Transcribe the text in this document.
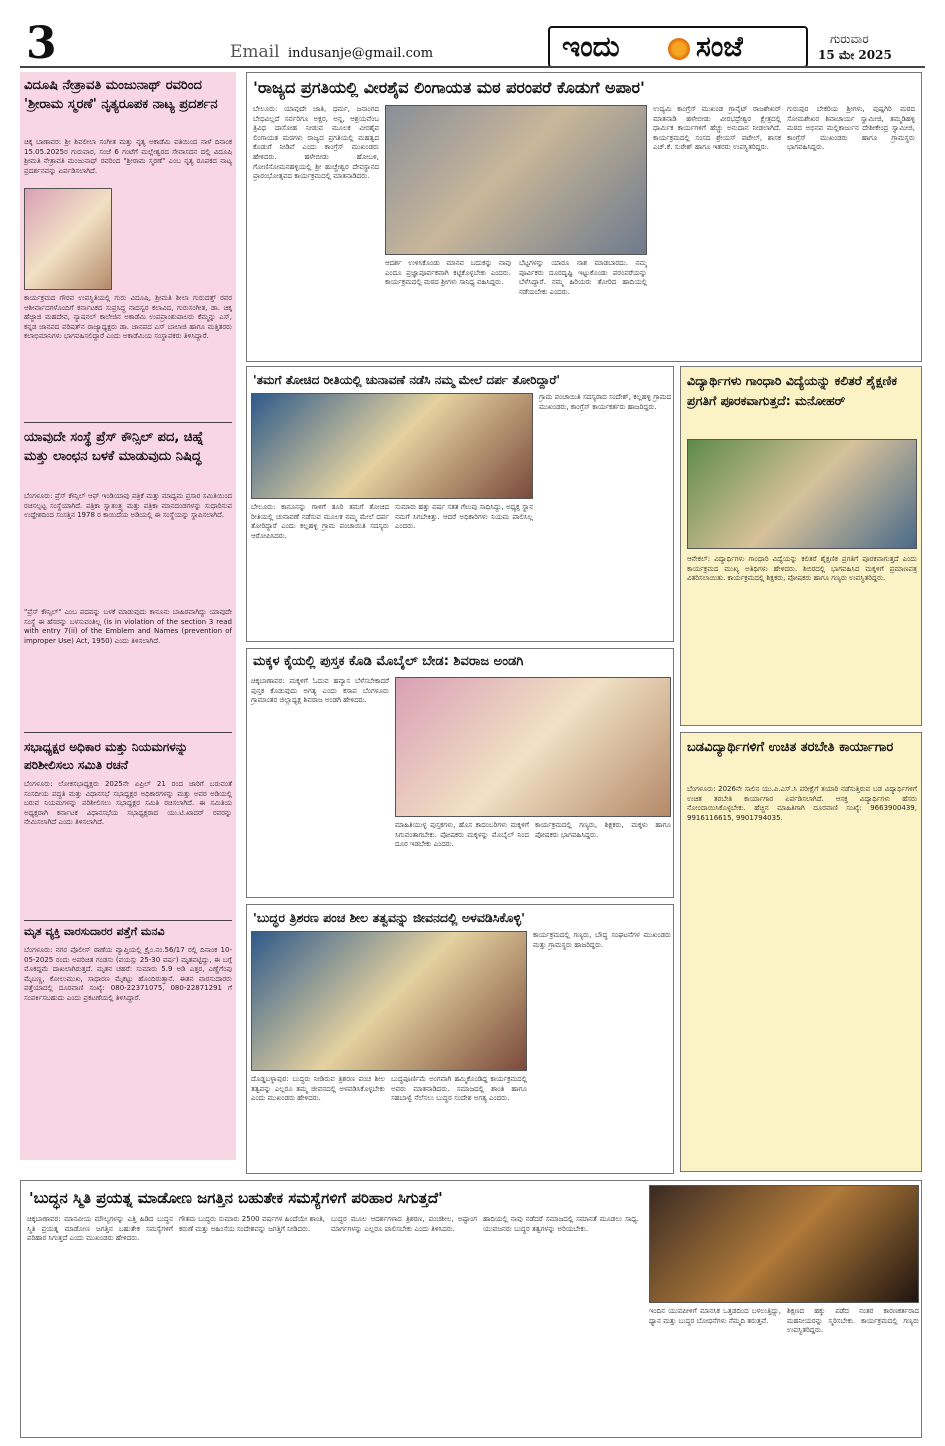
3	Email indusanje@gmail.com	ಇಂದು	ಸಂಜೆ	ಗುರುವಾರ
15 ಮೇ 2025
ವಿದೂಷಿ ನೇತ್ರಾವತಿ ಮಂಜುನಾಥ್ ರವರಿಂದ 'ಶ್ರೀರಾಮ ಸ್ಮರಣೆ' ನೃತ್ಯರೂಪಕ ನಾಟ್ಯ ಪ್ರದರ್ಶನ
ಚಿಕ್ಕ ಬಾಣಾವರ: ಶ್ರೀ ಶಿವಲೀಲಾ ಸಂಗೀತ ಮತ್ತು ನೃತ್ಯ ಅಕಾಡೆಮಿ ವತಿಯಿಂದ ನಾಳೆ ದಿನಾಂಕ 15.05.2025ರ ಗುರುವಾರ, ಸಂಜೆ 6 ಗಂಟೆಗೆ ಮಲ್ಲೇಶ್ವರದ ಸೇವಾಸದನ ದಲ್ಲಿ ವಿದೂಷಿ ಶ್ರೀಮತಿ ನೇತ್ರಾವತಿ ಮಂಜುನಾಥ್ ರವರಿಂದ "ಶ್ರೀರಾಮ ಸ್ಮರಣೆ" ಎಂಬ ನೃತ್ಯ ರೂಪಕದ ನಾಟ್ಯ ಪ್ರದರ್ಶನವನ್ನು ಏರ್ಪಡಿಸಲಾಗಿದೆ.
ಕಾರ್ಯಕ್ರಮದ ಗೌರವ ಉಪಸ್ಥಿತಿಯಲ್ಲಿ ಗುರು ವಿದೂಷಿ, ಶ್ರೀಮತಿ ಶೀಲಾ ಗುರುದತ್ತ್ ರವರ ಆಶೀರ್ವಾದಗಳೊಂದಿಗೆ ಕರ್ನಾಟಕದ ಸುಪ್ರಸಿದ್ಧ ನಾದಸ್ವರ ಕಲಾವಿದ, ಗುರುಸಂಗೀತ, ಡಾ. ಚಿಕ್ಕ ಹೆಜ್ಜಾಜಿ ಮಹದೇವ, ನ್ಯಾಷನಲ್ ಕಾಲೇಜಿನ ಅಕಾಡೆಮಿ ಉಪಪ್ರಾಂಶುಪಾಲರು ಕೆಮ್ಮನ್ನು ಎಸ್, ಕನ್ನಡ ಜಾನಪದ ಪರಿಷತ್‌ನ ರಾಜ್ಯಾಧ್ಯಕ್ಷರು ಡಾ. ಜಾನಪದ ಎಸ್ ಬಾಲಾಜಿ ಹಾಗೂ ಮತ್ತಿತರರು ಕಲಾಭಿಮಾನಿಗಳು ಭಾಗವಹಿಸಲಿದ್ದಾರೆ ಎಂದು ಅಕಾಡೆಮಿಯ ಸಂಸ್ಥಾಪಕರು ತಿಳಿಸಿದ್ದಾರೆ.
ಯಾವುದೇ ಸಂಸ್ಥೆ ಪ್ರೆಸ್ ಕೌನ್ಸಿಲ್ ಪದ, ಚಿಹ್ನೆ ಮತ್ತು ಲಾಂಛನ ಬಳಕೆ ಮಾಡುವುದು ನಿಷಿದ್ಧ
ಬೆಂಗಳೂರು: ಪ್ರೆಸ್ ಕೌನ್ಸಿಲ್ ಆಫ್ ಇಂಡಿಯಾವು ಪತ್ರಿಕೆ ಮತ್ತು ಮಾಧ್ಯಮ ಪ್ರಸಾರ ಸಮಿತಿಯಿಂದ ರಚಿಸಲ್ಪಟ್ಟ ಸಂಸ್ಥೆಯಾಗಿದೆ. ಪತ್ರಿಕಾ ಸ್ವಾತಂತ್ರ್ಯ ಮತ್ತು ಪತ್ರಿಕಾ ಮಾನದಂಡಗಳನ್ನು ಸುಧಾರಿಸುವ ಉದ್ದೇಶದಿಂದ ಸಂಸತ್ತಿನ 1978 ರ ಕಾಯಿದೆಯ ಅಡಿಯಲ್ಲಿ ಈ ಸಂಸ್ಥೆಯನ್ನು ಸ್ಥಾಪಿಸಲಾಗಿದೆ.
"ಪ್ರೆಸ್ ಕೌನ್ಸಿಲ್" ಎಂಬ ಪದವನ್ನು ಬಳಕೆ ಮಾಡುವುದು ಕಾನೂನು ಬಾಹಿರವಾಗಿದ್ದು ಯಾವುದೇ ಸಂಸ್ಥೆ ಈ ಹೆಸರನ್ನು ಬಳಸುವಂತಿಲ್ಲ (is in violation of the section 3 read with entry 7(ii) of the Emblem and Names (prevention of improper Use) Act, 1950) ಎಂದು ತಿಳಿಸಲಾಗಿದೆ.
ಸಭಾಧ್ಯಕ್ಷರ ಅಧಿಕಾರ ಮತ್ತು ನಿಯಮಗಳನ್ನು ಪರಿಶೀಲಿಸಲು ಸಮಿತಿ ರಚನೆ
ಬೆಂಗಳೂರು: ಲೋಕಸಭಾಧ್ಯಕ್ಷರು 2025ನೇ ಏಪ್ರಿಲ್ 21 ರಂದ ಜಾರಿಗೆ ಬರುವಂತೆ ಸಂಸದೀಯ ಪದ್ಧತಿ ಮತ್ತು ವಿಧಾನಸಭೆ ಸಭಾಧ್ಯಕ್ಷರ ಅಧಿಕಾರಗಳನ್ನು ಮತ್ತು ಅವರ ಅಡಿಯಲ್ಲಿ ಬರುವ ನಿಯಮಗಳನ್ನು ಪರಿಶೀಲಿಸಲು ಸಭಾಧ್ಯಕ್ಷರ ಸಮಿತಿ ರಚಿಸಲಾಗಿದೆ. ಈ ಸಮಿತಿಯ ಅಧ್ಯಕ್ಷರಾಗಿ ಕರ್ನಾಟಕ ವಿಧಾನಸಭೆಯ ಸಭಾಧ್ಯಕ್ಷರಾದ ಯು.ಟಿ.ಖಾದರ್ ರವರನ್ನು ನೇಮಿಸಲಾಗಿದೆ ಎಂದು ತಿಳಿಸಲಾಗಿದೆ.
ಮೃತ ವ್ಯಕ್ತಿ ವಾರಸುದಾರರ ಪತ್ತೆಗೆ ಮನವಿ
ಬೆಂಗಳೂರು: ನಗರ ಪೊಲೀಸ್ ಠಾಣೆಯ ವ್ಯಾಪ್ತಿಯಲ್ಲಿ ಕ್ರೈಂ.ನಂ.56/17 ರಲ್ಲಿ ದಿನಾಂಕ 10-05-2025 ರಂದು ಅಪರಿಚಿತ ಗಂಡಸು (ವಯಸ್ಸು 25-30 ವರ್ಷ) ಮೃತಪಟ್ಟಿದ್ದು, ಈ ಬಗ್ಗೆ ಮೊಕದ್ದಮೆ ದಾಖಲಾಗಿರುತ್ತದೆ. ಮೃತನ ಚಹರೆ: ಸುಮಾರು 5.9 ಅಡಿ ಎತ್ತರ, ಎಣ್ಣೆಗೆಂಪು ಮೈಬಣ್ಣ, ಕೋಲುಮುಖ, ಸಾಧಾರಣ ಮೈಕಟ್ಟು ಹೊಂದಿರುತ್ತಾನೆ. ಈತನ ವಾರಸುದಾರರು ಪತ್ತೆಯಾದಲ್ಲಿ ದೂರವಾಣಿ ಸಂಖ್ಯೆ: 080-22371075, 080-22871291 ಗೆ ಸಂಪರ್ಕಿಸಬಹುದು ಎಂದು ಪ್ರಕಟಣೆಯಲ್ಲಿ ತಿಳಿಸಿದ್ದಾರೆ.
'ರಾಜ್ಯದ ಪ್ರಗತಿಯಲ್ಲಿ ವೀರಶೈವ ಲಿಂಗಾಯತ ಮಠ ಪರಂಪರೆ ಕೊಡುಗೆ ಅಪಾರ'
ಬೇಲೂರು: ಯಾವುದೇ ಜಾತಿ, ಧರ್ಮ, ಜನಾಂಗದ ಬೇಧವಿಲ್ಲದೆ ಸರ್ವರಿಗೂ ಅಕ್ಷರ, ಅನ್ನ, ಆಶ್ರಯವೆಂಬ ತ್ರಿವಿಧ ದಾಸೋಹ ನೀಡುವ ಮೂಲಕ ವೀರಶೈವ ಲಿಂಗಾಯತ ಮಠಗಳು ರಾಜ್ಯದ ಪ್ರಗತಿಯಲ್ಲಿ ಮಹತ್ವದ ಕೊಡುಗೆ ನೀಡಿವೆ ಎಂದು ಕಾಂಗ್ರೆಸ್ ಮುಖಂಡರು ಹೇಳಿದರು. ಹಳೇಬೀಡು ಹೋಬಳಿ, ಗೋಣಿಸೋಮನಹಳ್ಳಿಯಲ್ಲಿ ಶ್ರೀ ಹುಚ್ಚೇಶ್ವರ ದೇವಸ್ಥಾನದ ಪ್ರಾರಂಭೋತ್ಸವದ ಕಾರ್ಯಕ್ರಮದಲ್ಲಿ ಮಾತನಾಡಿದರು.
ಆದರ್ಶ ಉಳಿಸಿಕೊಂಡು ಮಾನವ ಬದುಕನ್ನು ನಾವು ಎಂದೂ ಪ್ರಜ್ಞಾಪೂರ್ವಕವಾಗಿ ಕಟ್ಟಿಕೊಳ್ಳಬೇಕು ಎಂದರು. ಕಾರ್ಯಕ್ರಮದಲ್ಲಿ ಮಠದ ಶ್ರೀಗಳು ಸಾನಿಧ್ಯ ವಹಿಸಿದ್ದರು.
ಬೆಟ್ಟಗಳನ್ನು ಯಾರೂ ನಾಶ ಮಾಡಬಾರದು. ನಮ್ಮ ಪೂರ್ವಿಕರು ದೂರದೃಷ್ಟಿ ಇಟ್ಟುಕೊಂಡು ಪರಂಪರೆಯನ್ನು ಬೆಳೆಸಿದ್ದಾರೆ. ನಮ್ಮ ಹಿರಿಯರು ತೋರಿದ ಹಾದಿಯಲ್ಲಿ ನಡೆಯಬೇಕು ಎಂದರು.
ಉದ್ಯಮಿ ಕಾಂಗ್ರೆಸ್ ಮುಖಂಡ ಗ್ರಾನೈಟ್ ರಾಜಶೇಖರ್ ಮಾತನಾಡಿ ಹಳೇಬೀಡು ವೀರಭದ್ರೇಶ್ವರ ಕ್ಷೇತ್ರದಲ್ಲಿ ಧಾರ್ಮಿಕ ಕಾರ್ಯಗಳಿಗೆ ಹೆಚ್ಚು ಅನುದಾನ ನೀಡಲಾಗಿದೆ. ಕಾರ್ಯಕ್ರಮದಲ್ಲಿ ಸಂಸದ ಶ್ರೇಯಸ್ ಪಟೇಲ್, ಶಾಸಕ ಎಚ್.ಕೆ. ಸುರೇಶ್ ಹಾಗೂ ಇತರರು ಉಪಸ್ಥಿತರಿದ್ದರು.
ಗುರುಪುರ ಬೇಕರಿಯ ಶ್ರೀಗಳು, ಪುಷ್ಪಗಿರಿ ಮಠದ ಸೋಮಶೇಖರ ಶಿವಾಚಾರ್ಯ ಸ್ವಾಮೀಜಿ, ತಮ್ಮಡಿಹಳ್ಳಿ ಮಠದ ಅಭಿನವ ಮಲ್ಲಿಕಾರ್ಜುನ ದೇಶೀಕೇಂದ್ರ ಸ್ವಾಮೀಜಿ, ಕಾಂಗ್ರೆಸ್ ಮುಖಂಡರು ಹಾಗೂ ಗ್ರಾಮಸ್ಥರು ಭಾಗವಹಿಸಿದ್ದರು.
'ತಮಗೆ ತೋಚಿದ ರೀತಿಯಲ್ಲಿ ಚುನಾವಣೆ ನಡೆಸಿ ನಮ್ಮ ಮೇಲೆ ದರ್ಪ ತೋರಿದ್ದಾರೆ'
ಬೇಲೂರು: ಕಾನೂನನ್ನು ಗಾಳಿಗೆ ತೂರಿ ತಮಗೆ ತೋಚಿದ ರೀತಿಯಲ್ಲಿ ಚುನಾವಣೆ ನಡೆಸುವ ಮೂಲಕ ನಮ್ಮ ಮೇಲೆ ದರ್ಪ ತೋರಿದ್ದಾರೆ ಎಂದು ಕಲ್ಲಹಳ್ಳಿ ಗ್ರಾಮ ಪಂಚಾಯಿತಿ ಸದಸ್ಯರು ಆರೋಪಿಸಿದರು.
ಸುಮಾರು ಹತ್ತು ವರ್ಷ ಸತತ ಗೆಲುವು ಸಾಧಿಸಿದ್ದು, ಅಧ್ಯಕ್ಷ ಸ್ಥಾನ ನಮಗೆ ಸಿಗಬೇಕಿತ್ತು. ಆದರೆ ಅಧಿಕಾರಿಗಳು ನಿಯಮ ಪಾಲಿಸಿಲ್ಲ ಎಂದರು.
ಗ್ರಾಮ ಪಂಚಾಯಿತಿ ಸದಸ್ಯರಾದ ಸಂದೇಶ್, ಕಲ್ಲಹಳ್ಳಿ ಗ್ರಾಮದ ಮುಖಂಡರು, ಕಾಂಗ್ರೆಸ್ ಕಾರ್ಯಕರ್ತರು ಹಾಜರಿದ್ದರು.
ವಿದ್ಯಾರ್ಥಿಗಳು ಗಾಂಧಾರಿ ವಿದ್ಯೆಯನ್ನು ಕಲಿತರೆ ಶೈಕ್ಷಣಿಕ ಪ್ರಗತಿಗೆ ಪೂರಕವಾಗುತ್ತದೆ: ಮನೋಹರ್
ಆನೇಕಲ್: ವಿದ್ಯಾರ್ಥಿಗಳು ಗಾಂಧಾರಿ ವಿದ್ಯೆಯನ್ನು ಕಲಿತರೆ ಶೈಕ್ಷಣಿಕ ಪ್ರಗತಿಗೆ ಪೂರಕವಾಗುತ್ತದೆ ಎಂದು ಕಾರ್ಯಕ್ರಮದ ಮುಖ್ಯ ಅತಿಥಿಗಳು ಹೇಳಿದರು. ಶಿಬಿರದಲ್ಲಿ ಭಾಗವಹಿಸಿದ ಮಕ್ಕಳಿಗೆ ಪ್ರಮಾಣಪತ್ರ ವಿತರಿಸಲಾಯಿತು. ಕಾರ್ಯಕ್ರಮದಲ್ಲಿ ಶಿಕ್ಷಕರು, ಪೋಷಕರು ಹಾಗೂ ಗಣ್ಯರು ಉಪಸ್ಥಿತರಿದ್ದರು.
ಬಡವಿದ್ಯಾರ್ಥಿಗಳಿಗೆ ಉಚಿತ ತರಬೇತಿ ಕಾರ್ಯಾಗಾರ
ಬೆಂಗಳೂರು: 2026ನೇ ಸಾಲಿನ ಯು.ಪಿ.ಎಸ್.ಸಿ ಪರೀಕ್ಷೆಗೆ ತಯಾರಿ ನಡೆಸುತ್ತಿರುವ ಬಡ ವಿದ್ಯಾರ್ಥಿಗಳಿಗೆ ಉಚಿತ ತರಬೇತಿ ಕಾರ್ಯಾಗಾರ ಏರ್ಪಡಿಸಲಾಗಿದೆ. ಆಸಕ್ತ ವಿದ್ಯಾರ್ಥಿಗಳು ಹೆಸರು ನೋಂದಾಯಿಸಿಕೊಳ್ಳಬೇಕು. ಹೆಚ್ಚಿನ ಮಾಹಿತಿಗಾಗಿ ದೂರವಾಣಿ ಸಂಖ್ಯೆ: 9663900439, 9916116615, 9901794035.
ಮಕ್ಕಳ ಕೈಯಲ್ಲಿ ಪುಸ್ತಕ ಕೊಡಿ ಮೊಬೈಲ್ ಬೇಡ: ಶಿವರಾಜ ಅಂಡಗಿ
ಚಿಕ್ಕಬಾಣಾವರ: ಮಕ್ಕಳಿಗೆ ಓದುವ ಹವ್ಯಾಸ ಬೆಳೆಸಬೇಕಾದರೆ ಪುಸ್ತಕ ಕೊಡುವುದು ಅಗತ್ಯ ಎಂದು ಕಸಾಪ ಬೆಂಗಳೂರು ಗ್ರಾಮಾಂತರ ಜಿಲ್ಲಾಧ್ಯಕ್ಷ ಶಿವರಾಜ ಅಂಡಗಿ ಹೇಳಿದರು.
ಮಾಹಿತಿಯುಳ್ಳ ಪುಸ್ತಕಗಳು, ಹೊಸ ಕಾದಂಬರಿಗಳು ಮಕ್ಕಳಿಗೆ ಸಿಗುವಂತಾಗಬೇಕು. ಪೋಷಕರು ಮಕ್ಕಳನ್ನು ಮೊಬೈಲ್ ನಿಂದ ದೂರ ಇಡಬೇಕು ಎಂದರು.
ಕಾರ್ಯಕ್ರಮದಲ್ಲಿ ಗಣ್ಯರು, ಶಿಕ್ಷಕರು, ಮಕ್ಕಳು ಹಾಗೂ ಪೋಷಕರು ಭಾಗವಹಿಸಿದ್ದರು.
'ಬುದ್ಧರ ತ್ರಿಶರಣ ಪಂಚ ಶೀಲ ತತ್ವವನ್ನು ಜೀವನದಲ್ಲಿ ಅಳವಡಿಸಿಕೊಳ್ಳಿ'
ದೊಡ್ಡಬಳ್ಳಾಪುರ: ಬುದ್ಧರು ನೀಡಿರುವ ತ್ರಿಶರಣ ಪಂಚ ಶೀಲ ತತ್ವವನ್ನು ಎಲ್ಲರೂ ತಮ್ಮ ಜೀವನದಲ್ಲಿ ಅಳವಡಿಸಿಕೊಳ್ಳಬೇಕು ಎಂದು ಮುಖಂಡರು ಹೇಳಿದರು.
ಬುದ್ಧಪೂರ್ಣಿಮೆ ಅಂಗವಾಗಿ ಹಮ್ಮಿಕೊಂಡಿದ್ದ ಕಾರ್ಯಕ್ರಮದಲ್ಲಿ ಅವರು ಮಾತನಾಡಿದರು. ಸಮಾಜದಲ್ಲಿ ಶಾಂತಿ ಹಾಗೂ ಸಹಬಾಳ್ವೆ ನೆಲೆಸಲು ಬುದ್ಧರ ಸಂದೇಶ ಅಗತ್ಯ ಎಂದರು.
ಕಾರ್ಯಕ್ರಮದಲ್ಲಿ ಗಣ್ಯರು, ಬೌದ್ಧ ಸಂಘಟನೆಗಳ ಮುಖಂಡರು ಮತ್ತು ಗ್ರಾಮಸ್ಥರು ಹಾಜರಿದ್ದರು.
'ಬುದ್ಧನ ಸ್ಮಿತಿ ಪ್ರಯತ್ನ ಮಾಡೋಣ ಜಗತ್ತಿನ ಬಹುತೇಕ ಸಮಸ್ಯೆಗಳಿಗೆ ಪರಿಹಾರ ಸಿಗುತ್ತದೆ'
ಚಿಕ್ಕಬಾಣಾವರ: ಮಾನವೀಯ ಮೌಲ್ಯಗಳನ್ನು ಎತ್ತಿ ಹಿಡಿದ ಬುದ್ಧನ ಸ್ಮಿತಿ ಪ್ರಯತ್ನ ಮಾಡೋಣ ಜಗತ್ತಿನ ಬಹುತೇಕ ಸಮಸ್ಯೆಗಳಿಗೆ ಪರಿಹಾರ ಸಿಗುತ್ತದೆ ಎಂದು ಮುಖಂಡರು ಹೇಳಿದರು.
ಗೌತಮ ಬುದ್ಧರು ಸುಮಾರು 2500 ವರ್ಷಗಳ ಹಿಂದೆಯೇ ಶಾಂತಿ, ಕರುಣೆ ಮತ್ತು ಅಹಿಂಸೆಯ ಸಂದೇಶವನ್ನು ಜಗತ್ತಿಗೆ ನೀಡಿದರು.
ಬುದ್ಧರ ಮೂಲ ಆದರ್ಶಗಳಾದ ತ್ರಿಶರಣ, ಪಂಚಶೀಲ, ಅಷ್ಟಾಂಗ ಮಾರ್ಗಗಳನ್ನು ಎಲ್ಲರೂ ಪಾಲಿಸಬೇಕು ಎಂದು ತಿಳಿಸಿದರು.
ಹಾದಿಯಲ್ಲಿ ನಾವು ನಡೆದರೆ ಸಮಾಜದಲ್ಲಿ ಸಮಾನತೆ ಮೂಡಲು ಸಾಧ್ಯ. ಯುವಜನರು ಬುದ್ಧರ ತತ್ವಗಳನ್ನು ಅರಿಯಬೇಕು.
ಇಂದಿನ ಯುವಪೀಳಿಗೆ ಮಾನಸಿಕ ಒತ್ತಡದಿಂದ ಬಳಲುತ್ತಿದ್ದು, ಧ್ಯಾನ ಮತ್ತು ಬುದ್ಧರ ಬೋಧನೆಗಳು ನೆಮ್ಮದಿ ತರುತ್ತವೆ.
ಶಿಕ್ಷಣದ ಹಕ್ಕು ಪಡೆದ ನಂತರ ಕಾರಣಕರ್ತರಾದ ಮಹನೀಯರನ್ನು ಸ್ಮರಿಸಬೇಕು. ಕಾರ್ಯಕ್ರಮದಲ್ಲಿ ಗಣ್ಯರು ಉಪಸ್ಥಿತರಿದ್ದರು.
